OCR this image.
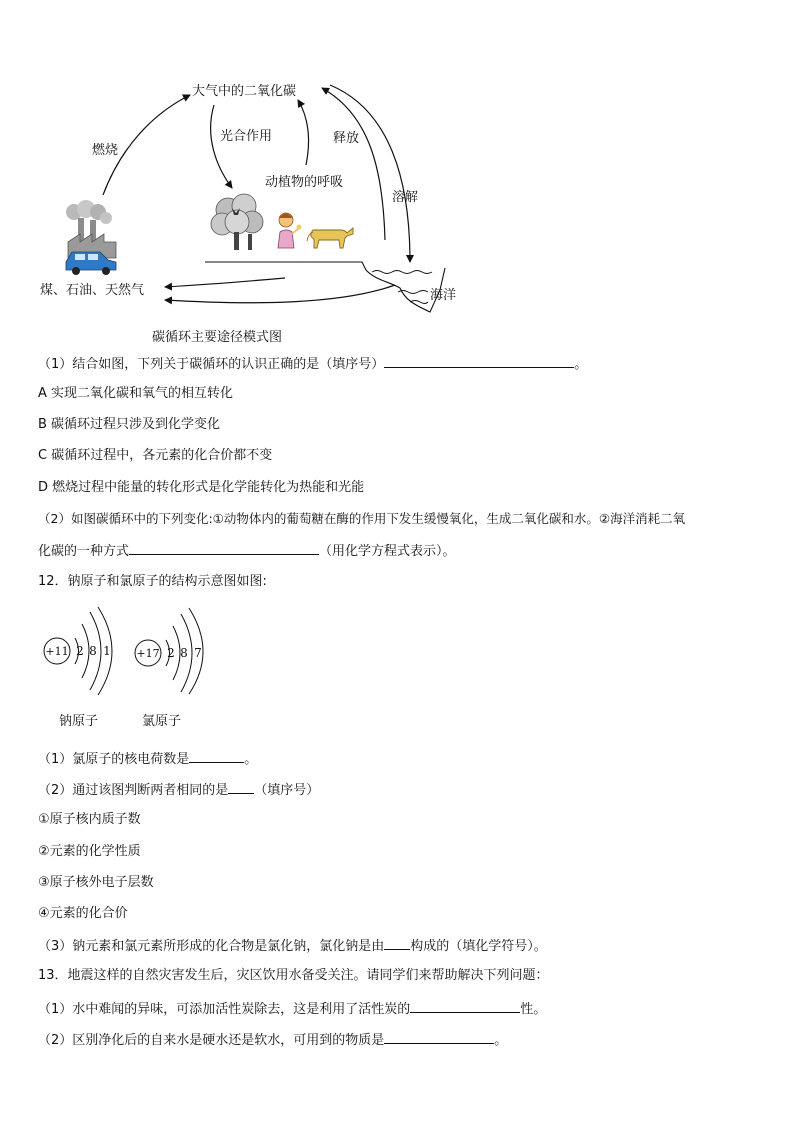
大气中的二氧化碳
燃烧
光合作用	释放
动植物的呼吸
溶解
煤、石油、天然气	海洋
碳循环主要途径模式图
（1）结合如图，下列关于碳循环的认识正确的是（填序号）	。
A 实现二氧化碳和氧气的相互转化
B 碳循环过程只涉及到化学变化
C 碳循环过程中，各元素的化合价都不变
D 燃烧过程中能量的转化形式是化学能转化为热能和光能
（2）如图碳循环中的下列变化:①动物体内的葡萄糖在酶的作用下发生缓慢氧化，生成二氧化碳和水。②海洋消耗二氧
化碳的一种方式	（用化学方程式表示）。
12．钠原子和氯原子的结构示意图如图:
+11 2 8 1 +17 2 8 7
钠原子	氯原子
（1）氯原子的核电荷数是	。
（2）通过该图判断两者相同的是 （填序号）
①原子核内质子数
②元素的化学性质
③原子核外电子层数
④元素的化合价
（3）钠元素和氯元素所形成的化合物是氯化钠，氯化钠是由 构成的（填化学符号）。
13．地震这样的自然灾害发生后，灾区饮用水备受关注。请同学们来帮助解决下列问题：
（1）水中难闻的异味，可添加活性炭除去，这是利用了活性炭的	性。
（2）区别净化后的自来水是硬水还是软水，可用到的物质是	。
